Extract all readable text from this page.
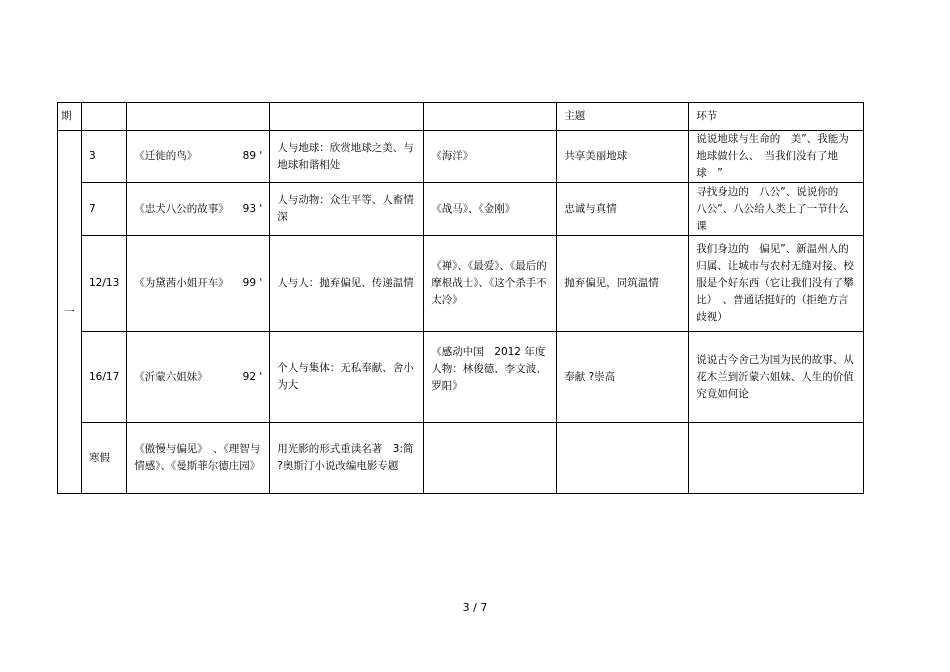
期					主题	环节
一	3	《迁徙的鸟》 89 '	人与地球：欣赏地球之美、与地球和谐相处	《海洋》	共享美丽地球	说说地球与生命的　美”、我能为地球做什么、　当我们没有了地球　”
	7	《忠犬八公的故事》 93 '	人与动物：众生平等、人畜情深	《战马》、《金刚》	忠诚与真情	寻找身边的　八公”、说说你的　八公”、八公给人类上了一节什么课
	12/13	《为黛茜小姐开车》 99 '	人与人：抛弃偏见、传递温情	《禅》、《最爱》、《最后的摩根战士》、《这个杀手不太冷》	抛弃偏见，同筑温情	我们身边的　偏见”、新温州人的归属、让城市与农村无缝对接、校服是个好东西（它让我们没有了攀比）　、普通话挺好的（拒绝方言歧视）
	16/17	《沂蒙六姐妹》 92 '	个人与集体：无私奉献、舍小为大	《感动中国　2012 年度人物：林俊德、李文波、罗阳》	奉献 ?崇高	说说古今舍己为国为民的故事、从花木兰到沂蒙六姐妹、人生的价值究竟如何论
	寒假	《傲慢与偏见》　、《理智与情感》、《曼斯菲尔德庄园》	用光影的形式重读名著　3:简 ?奥斯汀小说改编电影专题			
3 / 7
